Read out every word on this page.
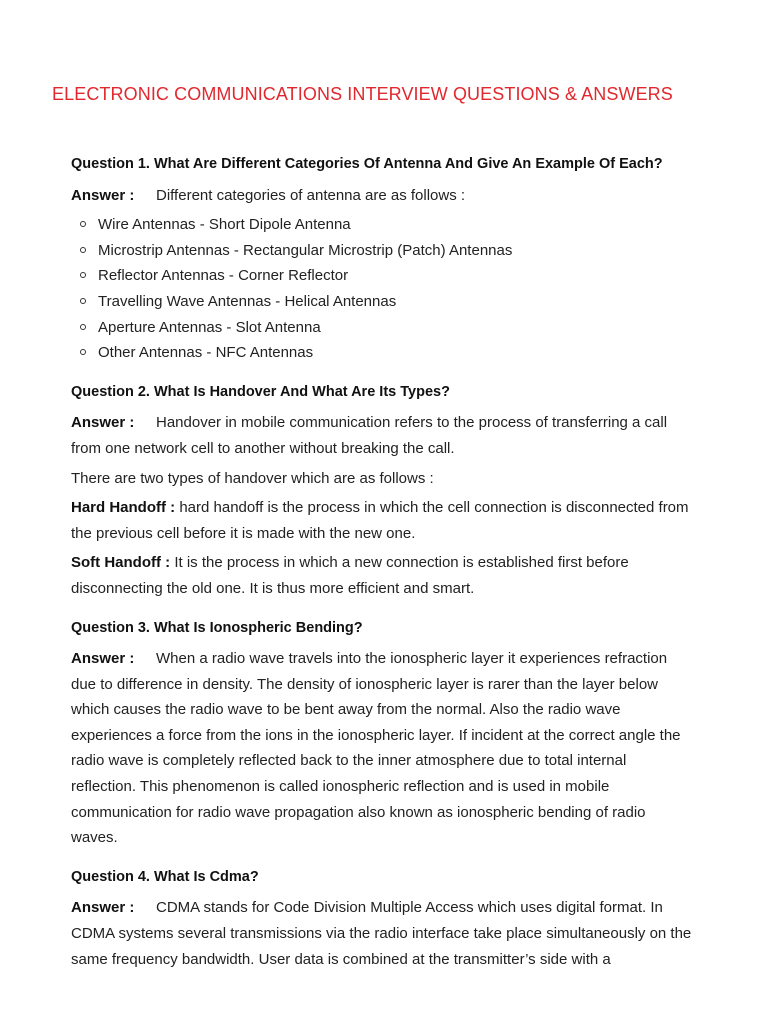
ELECTRONIC COMMUNICATIONS INTERVIEW QUESTIONS & ANSWERS

Question 1. What Are Different Categories Of Antenna And Give An Example Of Each?

Answer : Different categories of antenna are as follows :

Wire Antennas - Short Dipole Antenna
Microstrip Antennas - Rectangular Microstrip (Patch) Antennas
Reflector Antennas - Corner Reflector
Travelling Wave Antennas - Helical Antennas
Aperture Antennas - Slot Antenna
Other Antennas - NFC Antennas

Question 2. What Is Handover And What Are Its Types?

Answer : Handover in mobile communication refers to the process of transferring a call from one network cell to another without breaking the call.

There are two types of handover which are as follows :

Hard Handoff : hard handoff is the process in which the cell connection is disconnected from the previous cell before it is made with the new one.

Soft Handoff : It is the process in which a new connection is established first before disconnecting the old one. It is thus more efficient and smart.

Question 3. What Is Ionospheric Bending?

Answer : When a radio wave travels into the ionospheric layer it experiences refraction due to difference in density. The density of ionospheric layer is rarer than the layer below which causes the radio wave to be bent away from the normal. Also the radio wave experiences a force from the ions in the ionospheric layer. If incident at the correct angle the radio wave is completely reflected back to the inner atmosphere due to total internal reflection. This phenomenon is called ionospheric reflection and is used in mobile communication for radio wave propagation also known as ionospheric bending of radio waves.

Question 4. What Is Cdma?

Answer : CDMA stands for Code Division Multiple Access which uses digital format. In CDMA systems several transmissions via the radio interface take place simultaneously on the same frequency bandwidth. User data is combined at the transmitter’s side with a
